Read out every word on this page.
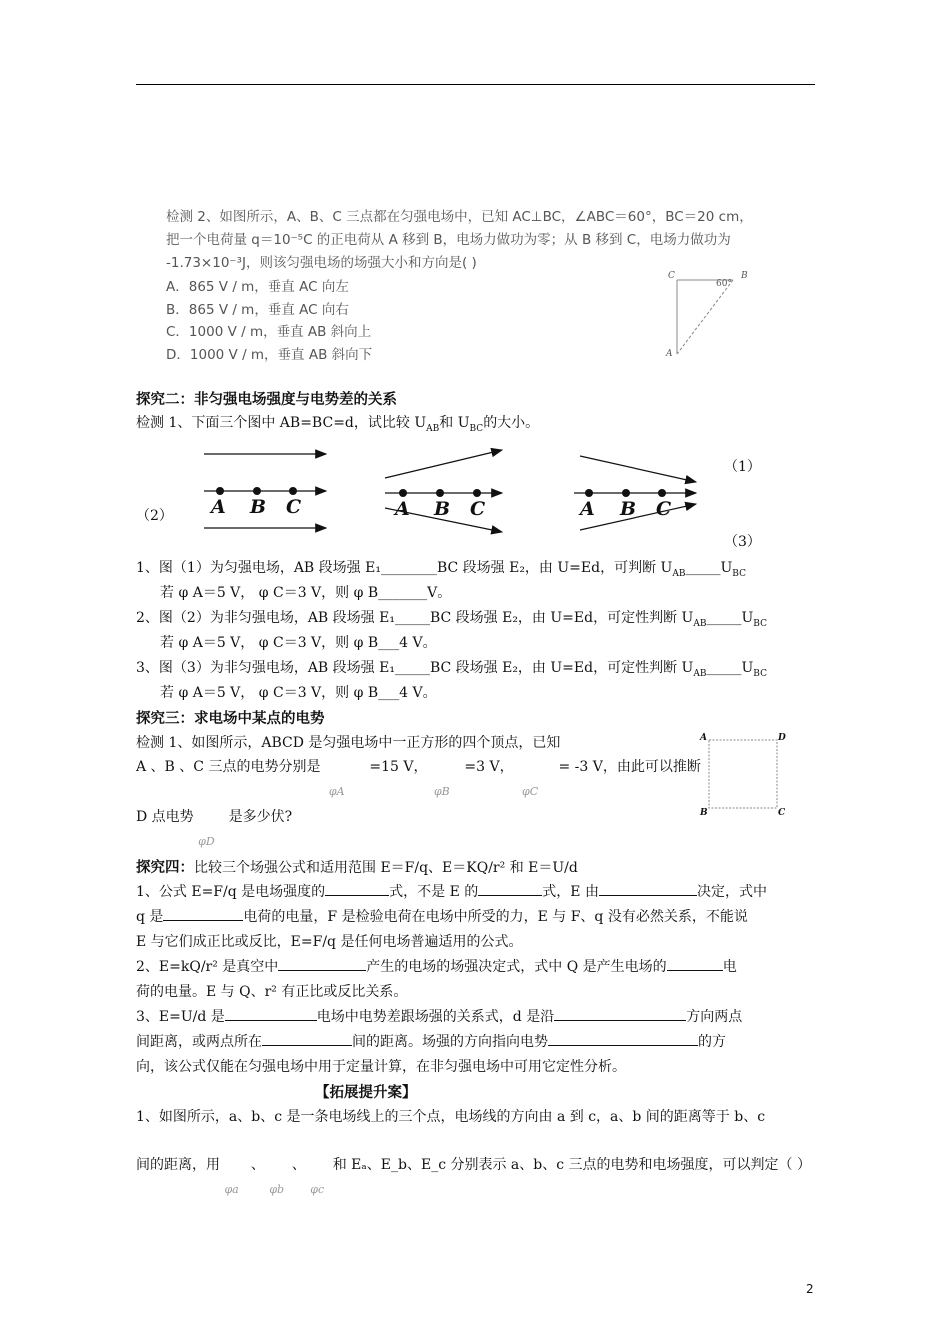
检测 2、如图所示，A、B、C 三点都在匀强电场中，已知 AC⊥BC，∠ABC＝60°，BC＝20 cm，
把一个电荷量 q＝10⁻⁵C 的正电荷从 A 移到 B，电场力做功为零；从 B 移到 C，电场力做功为
-1.73×10⁻³J，则该匀强电场的场强大小和方向是( )
A．865 V / m，垂直 AC 向左
B．865 V / m，垂直 AC 向右
C．1000 V / m，垂直 AB 斜向上
D．1000 V / m，垂直 AB 斜向下
C	B
A
60°
探究二：非匀强电场强度与电势差的关系
检测 1、下面三个图中 AB=BC=d，试比较 $U_{AB}$和 $U_{BC}$的大小。
A B C	A B C	A B C
（1）
（2）
（3）
1、图（1）为匀强电场，AB 段场强 E₁________BC 段场强 E₂，由 U=Ed，可判断 $U_{AB}\_\_\_\_\_U_{BC}$
若 φ A＝5 V， φ C＝3 V，则 φ B_______V。
2、图（2）为非匀强电场，AB 段场强 E₁_____BC 段场强 E₂，由 U=Ed，可定性判断 $U_{AB}\_\_\_\_\_U_{BC}$
若 φ A＝5 V， φ C＝3 V，则 φ B___4 V。
3、图（3）为非匀强电场，AB 段场强 E₁_____BC 段场强 E₂，由 U=Ed，可定性判断 $U_{AB}\_\_\_\_\_U_{BC}$
若 φ A＝5 V， φ C＝3 V，则 φ B___4 V。
探究三：求电场中某点的电势
检测 1、如图所示，ABCD 是匀强电场中一正方形的四个顶点，已知
A 、B 、C 三点的电势分别是
φA
=15 V，
φB
=3 V，
φC
= -3 V，由此可以推断
D 点电势
φD
是多少伏?
A	D
B	C
探究四：比较三个场强公式和适用范围 E＝F/q、E＝KQ/r² 和 E＝U/d
1、公式 E=F/q 是电场强度的	式，不是 E 的	式，E 由	决定，式中
q 是	电荷的电量，F 是检验电荷在电场中所受的力，E 与 F、q 没有必然关系，不能说
E 与它们成正比或反比，E=F/q 是任何电场普遍适用的公式。
2、E=kQ/r² 是真空中	产生的电场的场强决定式，式中 Q 是产生电场的	电
荷的电量。E 与 Q、r² 有正比或反比关系。
3、E=U/d 是	电场中电势差跟场强的关系式，d 是沿	方向两点
间距离，或两点所在	间的距离。场强的方向指向电势	的方
向，该公式仅能在匀强电场中用于定量计算，在非匀强电场中可用它定性分析。
【拓展提升案】
1、如图所示，a、b、c 是一条电场线上的三个点，电场线的方向由 a 到 c，a、b 间的距离等于 b、c
间的距离，用
φa
、
φb
、
φc
和 Eₐ、E_b、E_c 分别表示 a、b、c 三点的电势和电场强度，可以判定（ ）
2
